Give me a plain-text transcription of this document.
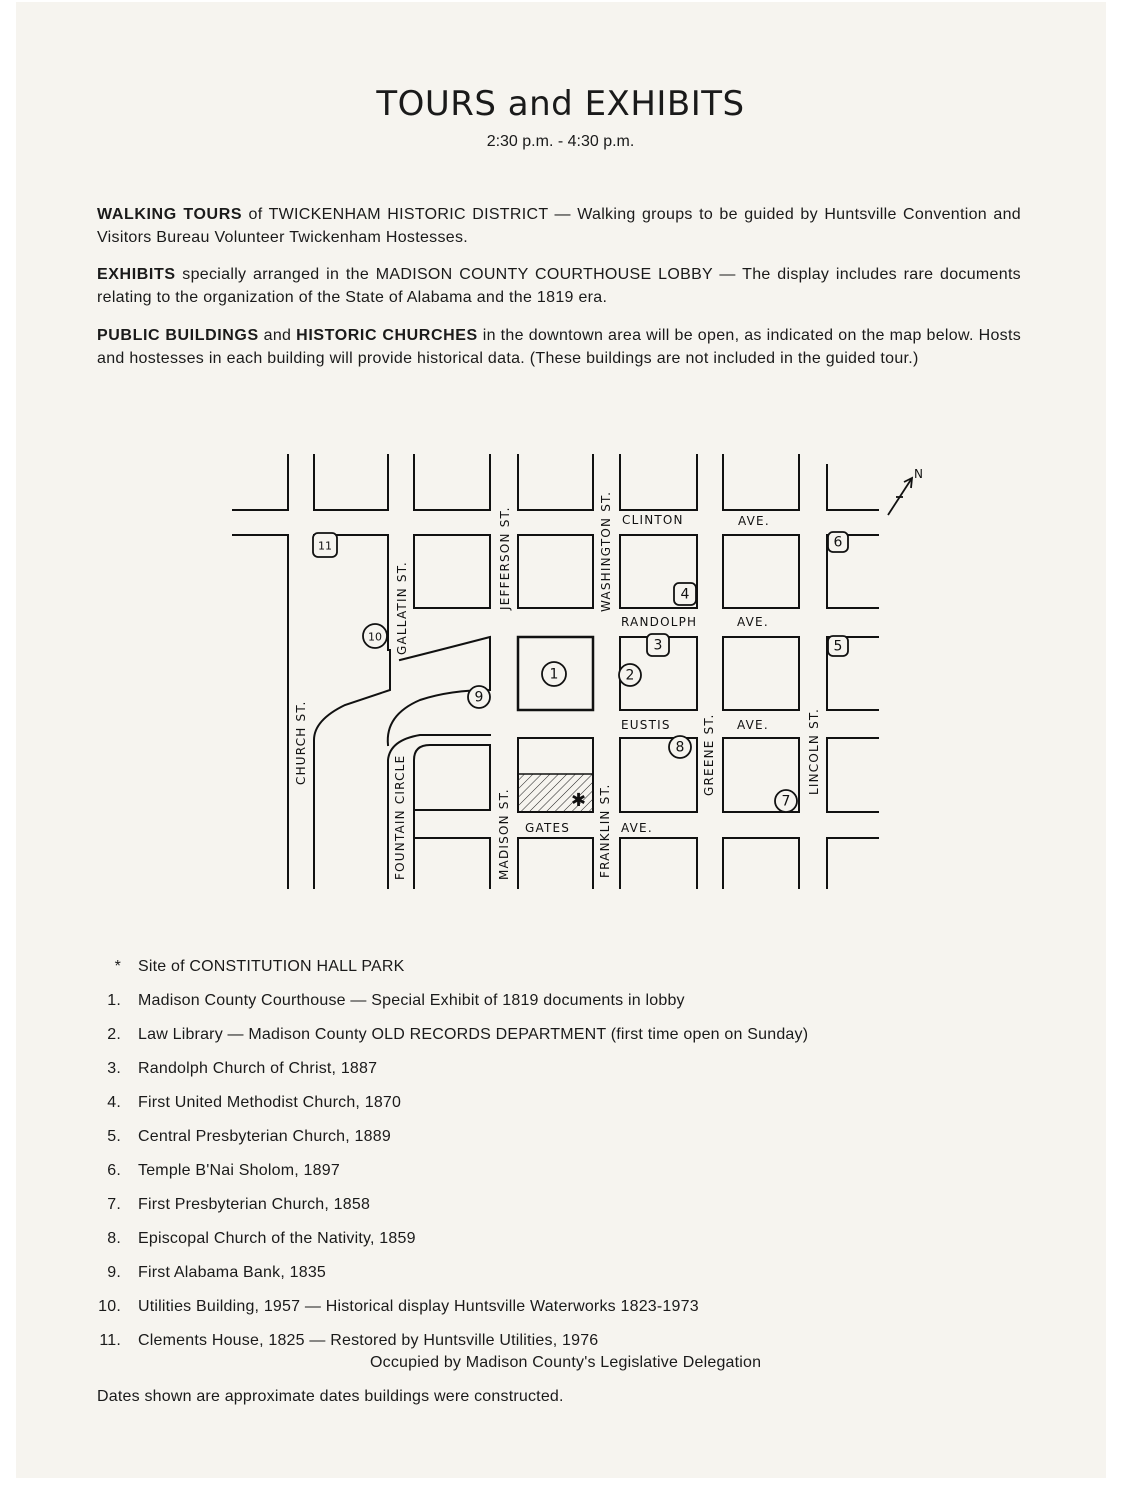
TOURS and EXHIBITS
2:30 p.m. - 4:30 p.m.
WALKING TOURS of TWICKENHAM HISTORIC DISTRICT — Walking groups to be guided by Huntsville Convention and Visitors Bureau Volunteer Twickenham Hostesses.
EXHIBITS specially arranged in the MADISON COUNTY COURTHOUSE LOBBY — The display includes rare documents relating to the organization of the State of Alabama and the 1819 era.
PUBLIC BUILDINGS and HISTORIC CHURCHES in the downtown area will be open, as indicated on the map below. Hosts and hostesses in each building will provide historical data. (These buildings are not included in the guided tour.)
✱
N
CLINTON	AVE.
RANDOLPH	AVE.
EUSTIS	AVE.
GATES	AVE.
CHURCH ST.
GALLATIN ST.
FOUNTAIN CIRCLE
JEFFERSON ST.
MADISON ST.
WASHINGTON ST.
FRANKLIN ST.
GREENE ST.	LINCOLN ST.
1	2
3
4
5
6
7
8
9
10
11
* Site of CONSTITUTION HALL PARK
1. Madison County Courthouse — Special Exhibit of 1819 documents in lobby
2. Law Library — Madison County OLD RECORDS DEPARTMENT (first time open on Sunday)
3. Randolph Church of Christ, 1887
4. First United Methodist Church, 1870
5. Central Presbyterian Church, 1889
6. Temple B'Nai Sholom, 1897
7. First Presbyterian Church, 1858
8. Episcopal Church of the Nativity, 1859
9. First Alabama Bank, 1835
10. Utilities Building, 1957 — Historical display Huntsville Waterworks 1823-1973
11. Clements House, 1825 — Restored by Huntsville Utilities, 1976
Occupied by Madison County's Legislative Delegation
Dates shown are approximate dates buildings were constructed.
